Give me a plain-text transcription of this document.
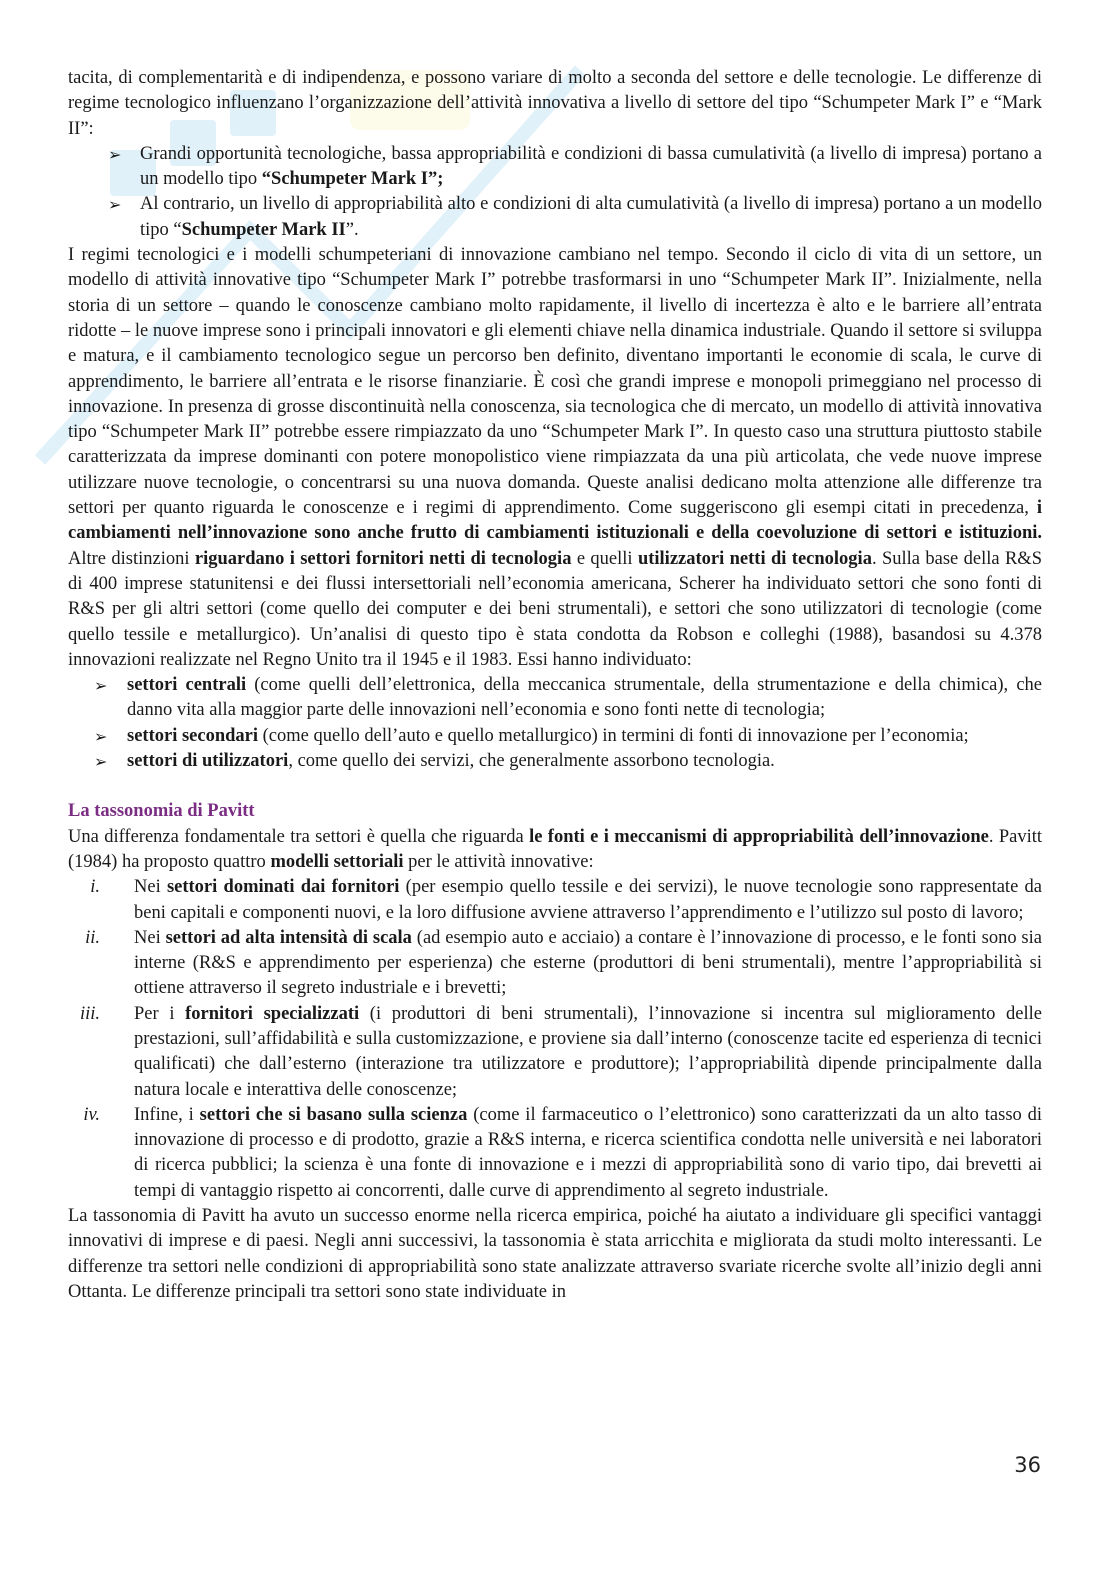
tacita, di complementarità e di indipendenza, e possono variare di molto a seconda del settore e delle tecnologie. Le differenze di regime tecnologico influenzano l’organizzazione dell’attività innovativa a livello di settore del tipo “Schumpeter Mark I” e “Mark II”:

➢	Grandi opportunità tecnologiche, bassa appropriabilità e condizioni di bassa cumulatività (a livello di impresa) portano a un modello tipo “Schumpeter Mark I”;
➢	Al contrario, un livello di appropriabilità alto e condizioni di alta cumulatività (a livello di impresa) portano a un modello tipo “Schumpeter Mark II”.

I regimi tecnologici e i modelli schumpeteriani di innovazione cambiano nel tempo. Secondo il ciclo di vita di un settore, un modello di attività innovative tipo “Schumpeter Mark I” potrebbe trasformarsi in uno “Schumpeter Mark II”. Inizialmente, nella storia di un settore – quando le conoscenze cambiano molto rapidamente, il livello di incertezza è alto e le barriere all’entrata ridotte – le nuove imprese sono i principali innovatori e gli elementi chiave nella dinamica industriale. Quando il settore si sviluppa e matura, e il cambiamento tecnologico segue un percorso ben definito, diventano importanti le economie di scala, le curve di apprendimento, le barriere all’entrata e le risorse finanziarie. È così che grandi imprese e monopoli primeggiano nel processo di innovazione. In presenza di grosse discontinuità nella conoscenza, sia tecnologica che di mercato, un modello di attività innovativa tipo “Schumpeter Mark II” potrebbe essere rimpiazzato da uno “Schumpeter Mark I”. In questo caso una struttura piuttosto stabile caratterizzata da imprese dominanti con potere monopolistico viene rimpiazzata da una più articolata, che vede nuove imprese utilizzare nuove tecnologie, o concentrarsi su una nuova domanda. Queste analisi dedicano molta attenzione alle differenze tra settori per quanto riguarda le conoscenze e i regimi di apprendimento. Come suggeriscono gli esempi citati in precedenza, i cambiamenti nell’innovazione sono anche frutto di cambiamenti istituzionali e della coevoluzione di settori e istituzioni. Altre distinzioni riguardano i settori fornitori netti di tecnologia e quelli utilizzatori netti di tecnologia. Sulla base della R&S di 400 imprese statunitensi e dei flussi intersettoriali nell’economia americana, Scherer ha individuato settori che sono fonti di R&S per gli altri settori (come quello dei computer e dei beni strumentali), e settori che sono utilizzatori di tecnologie (come quello tessile e metallurgico). Un’analisi di questo tipo è stata condotta da Robson e colleghi (1988), basandosi su 4.378 innovazioni realizzate nel Regno Unito tra il 1945 e il 1983. Essi hanno individuato:

➢	settori centrali (come quelli dell’elettronica, della meccanica strumentale, della strumentazione e della chimica), che danno vita alla maggior parte delle innovazioni nell’economia e sono fonti nette di tecnologia;
➢	settori secondari (come quello dell’auto e quello metallurgico) in termini di fonti di innovazione per l’economia;
➢	settori di utilizzatori, come quello dei servizi, che generalmente assorbono tecnologia.
La tassonomia di Pavitt

Una differenza fondamentale tra settori è quella che riguarda le fonti e i meccanismi di appropriabilità dell’innovazione. Pavitt (1984) ha proposto quattro modelli settoriali per le attività innovative:

i. Nei settori dominati dai fornitori (per esempio quello tessile e dei servizi), le nuove tecnologie sono rappresentate da beni capitali e componenti nuovi, e la loro diffusione avviene attraverso l’apprendimento e l’utilizzo sul posto di lavoro;
ii. Nei settori ad alta intensità di scala (ad esempio auto e acciaio) a contare è l’innovazione di processo, e le fonti sono sia interne (R&S e apprendimento per esperienza) che esterne (produttori di beni strumentali), mentre l’appropriabilità si ottiene attraverso il segreto industriale e i brevetti;
iii. Per i fornitori specializzati (i produttori di beni strumentali), l’innovazione si incentra sul miglioramento delle prestazioni, sull’affidabilità e sulla customizzazione, e proviene sia dall’interno (conoscenze tacite ed esperienza di tecnici qualificati) che dall’esterno (interazione tra utilizzatore e produttore); l’appropriabilità dipende principalmente dalla natura locale e interattiva delle conoscenze;
iv. Infine, i settori che si basano sulla scienza (come il farmaceutico o l’elettronico) sono caratterizzati da un alto tasso di innovazione di processo e di prodotto, grazie a R&S interna, e ricerca scientifica condotta nelle università e nei laboratori di ricerca pubblici; la scienza è una fonte di innovazione e i mezzi di appropriabilità sono di vario tipo, dai brevetti ai tempi di vantaggio rispetto ai concorrenti, dalle curve di apprendimento al segreto industriale.

La tassonomia di Pavitt ha avuto un successo enorme nella ricerca empirica, poiché ha aiutato a individuare gli specifici vantaggi innovativi di imprese e di paesi. Negli anni successivi, la tassonomia è stata arricchita e migliorata da studi molto interessanti. Le differenze tra settori nelle condizioni di appropriabilità sono state analizzate attraverso svariate ricerche svolte all’inizio degli anni Ottanta. Le differenze principali tra settori sono state individuate in

36
